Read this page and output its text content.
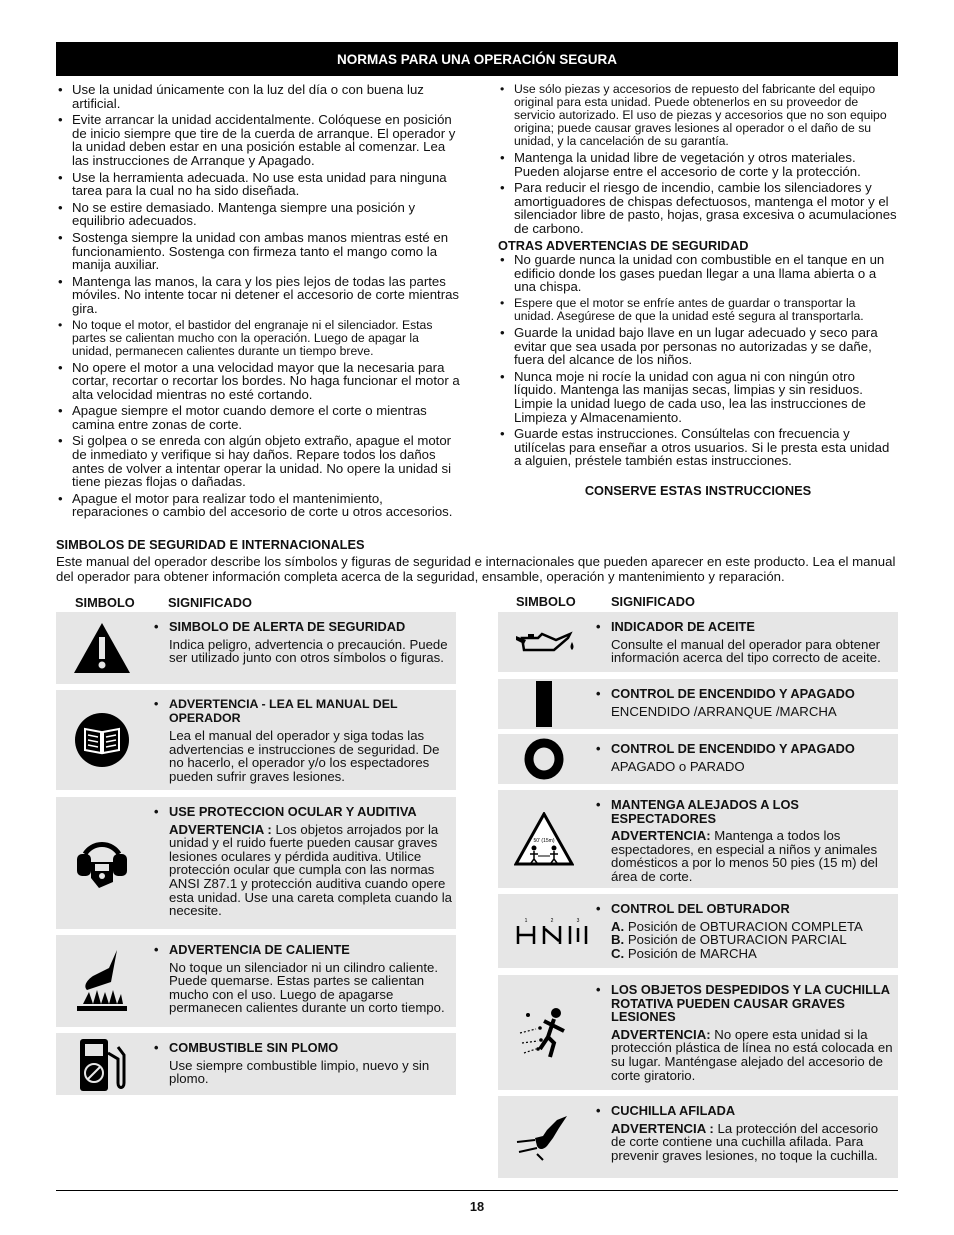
NORMAS PARA UNA OPERACIÓN SEGURA
• Use la unidad únicamente con la luz del día o con buena luz artificial.
• Evite arrancar la unidad accidentalmente. Colóquese en posición de inicio siempre que tire de la cuerda de arranque. El operador y la unidad deben estar en una posición estable al comenzar. Lea las instrucciones de Arranque y Apagado.
• Use la herramienta adecuada. No use esta unidad para ninguna tarea para la cual no ha sido diseñada.
• No se estire demasiado. Mantenga siempre una posición y equilibrio adecuados.
• Sostenga siempre la unidad con ambas manos mientras esté en funcionamiento. Sostenga con firmeza tanto el mango como la manija auxiliar.
• Mantenga las manos, la cara y los pies lejos de todas las partes móviles. No intente tocar ni detener el accesorio de corte mientras gira.
• No toque el motor, el bastidor del engranaje ni el silenciador. Estas partes se calientan mucho con la operación. Luego de apagar la unidad, permanecen calientes durante un tiempo breve.
• No opere el motor a una velocidad mayor que la necesaria para cortar, recortar o recortar los bordes. No haga funcionar el motor a alta velocidad mientras no esté cortando.
• Apague siempre el motor cuando demore el corte o mientras camina entre zonas de corte.
• Si golpea o se enreda con algún objeto extraño, apague el motor de inmediato y verifique si hay daños. Repare todos los daños antes de volver a intentar operar la unidad. No opere la unidad si tiene piezas flojas o dañadas.
• Apague el motor para realizar todo el mantenimiento, reparaciones o cambio del accesorio de corte u otros accesorios.
• Use sólo piezas y accesorios de repuesto del fabricante del equipo original para esta unidad. Puede obtenerlos en su proveedor de servicio autorizado. El uso de piezas y accesorios que no son equipo origina; puede causar graves lesiones al operador o el daño de su unidad, y la cancelación de su garantía.
• Mantenga la unidad libre de vegetación y otros materiales. Pueden alojarse entre el accesorio de corte y la protección.
• Para reducir el riesgo de incendio, cambie los silenciadores y amortiguadores de chispas defectuosos, mantenga el motor y el silenciador libre de pasto, hojas, grasa excesiva o acumulaciones de carbono.
OTRAS ADVERTENCIAS DE SEGURIDAD
• No guarde nunca la unidad con combustible en el tanque en un edificio donde los gases puedan llegar a una llama abierta o a una chispa.
• Espere que el motor se enfríe antes de guardar o transportar la unidad. Asegúrese de que la unidad esté segura al transportarla.
• Guarde la unidad bajo llave en un lugar adecuado y seco para evitar que sea usada por personas no autorizadas y se dañe, fuera del alcance de los niños.
• Nunca moje ni rocíe la unidad con agua ni con ningún otro líquido. Mantenga las manijas secas, limpias y sin residuos. Limpie la unidad luego de cada uso, lea las instrucciones de Limpieza y Almacenamiento.
• Guarde estas instrucciones. Consúltelas con frecuencia y utilícelas para enseñar a otros usuarios. Si le presta esta unidad a alguien, préstele también estas instrucciones.
CONSERVE ESTAS INSTRUCCIONES
SIMBOLOS DE SEGURIDAD E INTERNACIONALES
Este manual del operador describe los símbolos y figuras de seguridad e internacionales que pueden aparecer en este producto. Lea el manual del operador para obtener información completa acerca de la seguridad, ensamble, operación y mantenimiento y reparación.
SIMBOLO	SIGNIFICADO	SIMBOLO	SIGNIFICADO
• SIMBOLO DE ALERTA DE SEGURIDAD
Indica peligro, advertencia o precaución. Puede ser utilizado junto con otros símbolos o figuras.
• ADVERTENCIA - LEA EL MANUAL DEL OPERADOR
Lea el manual del operador y siga todas las advertencias e instrucciones de seguridad. De no hacerlo, el operador y/o los espectadores pueden sufrir graves lesiones.
• USE PROTECCION OCULAR Y AUDITIVA
ADVERTENCIA : Los objetos arrojados por la unidad y el ruido fuerte pueden causar graves lesiones oculares y pérdida auditiva. Utilice protección ocular que cumpla con las normas ANSI Z87.1 y protección auditiva cuando opere esta unidad. Use una careta completa cuando la necesite.
• ADVERTENCIA DE CALIENTE
No toque un silenciador ni un cilindro caliente. Puede quemarse. Estas partes se calientan mucho con el uso. Luego de apagarse permanecen calientes durante un corto tiempo.
• COMBUSTIBLE SIN PLOMO
Use siempre combustible limpio, nuevo y sin plomo.
• INDICADOR DE ACEITE
Consulte el manual del operador para obtener información acerca del tipo correcto de aceite.
• CONTROL DE ENCENDIDO Y APAGADO
ENCENDIDO /ARRANQUE /MARCHA
• CONTROL DE ENCENDIDO Y APAGADO
APAGADO o PARADO
50' (15m)
• MANTENGA ALEJADOS A LOS ESPECTADORES
ADVERTENCIA: Mantenga a todos los espectadores, en especial a niños y animales domésticos a por lo menos 50 pies (15 m) del área de corte.
1	2	3
• CONTROL DEL OBTURADOR
A. Posición de OBTURACION COMPLETA
B. Posición de OBTURACION PARCIAL
C. Posición de MARCHA
• LOS OBJETOS DESPEDIDOS Y LA CUCHILLA ROTATIVA PUEDEN CAUSAR GRAVES LESIONES
ADVERTENCIA: No opere esta unidad si la protección plástica de línea no está colocada en su lugar. Manténgase alejado del accesorio de corte giratorio.
• CUCHILLA AFILADA
ADVERTENCIA : La protección del accesorio de corte contiene una cuchilla afilada. Para prevenir graves lesiones, no toque la cuchilla.
18
